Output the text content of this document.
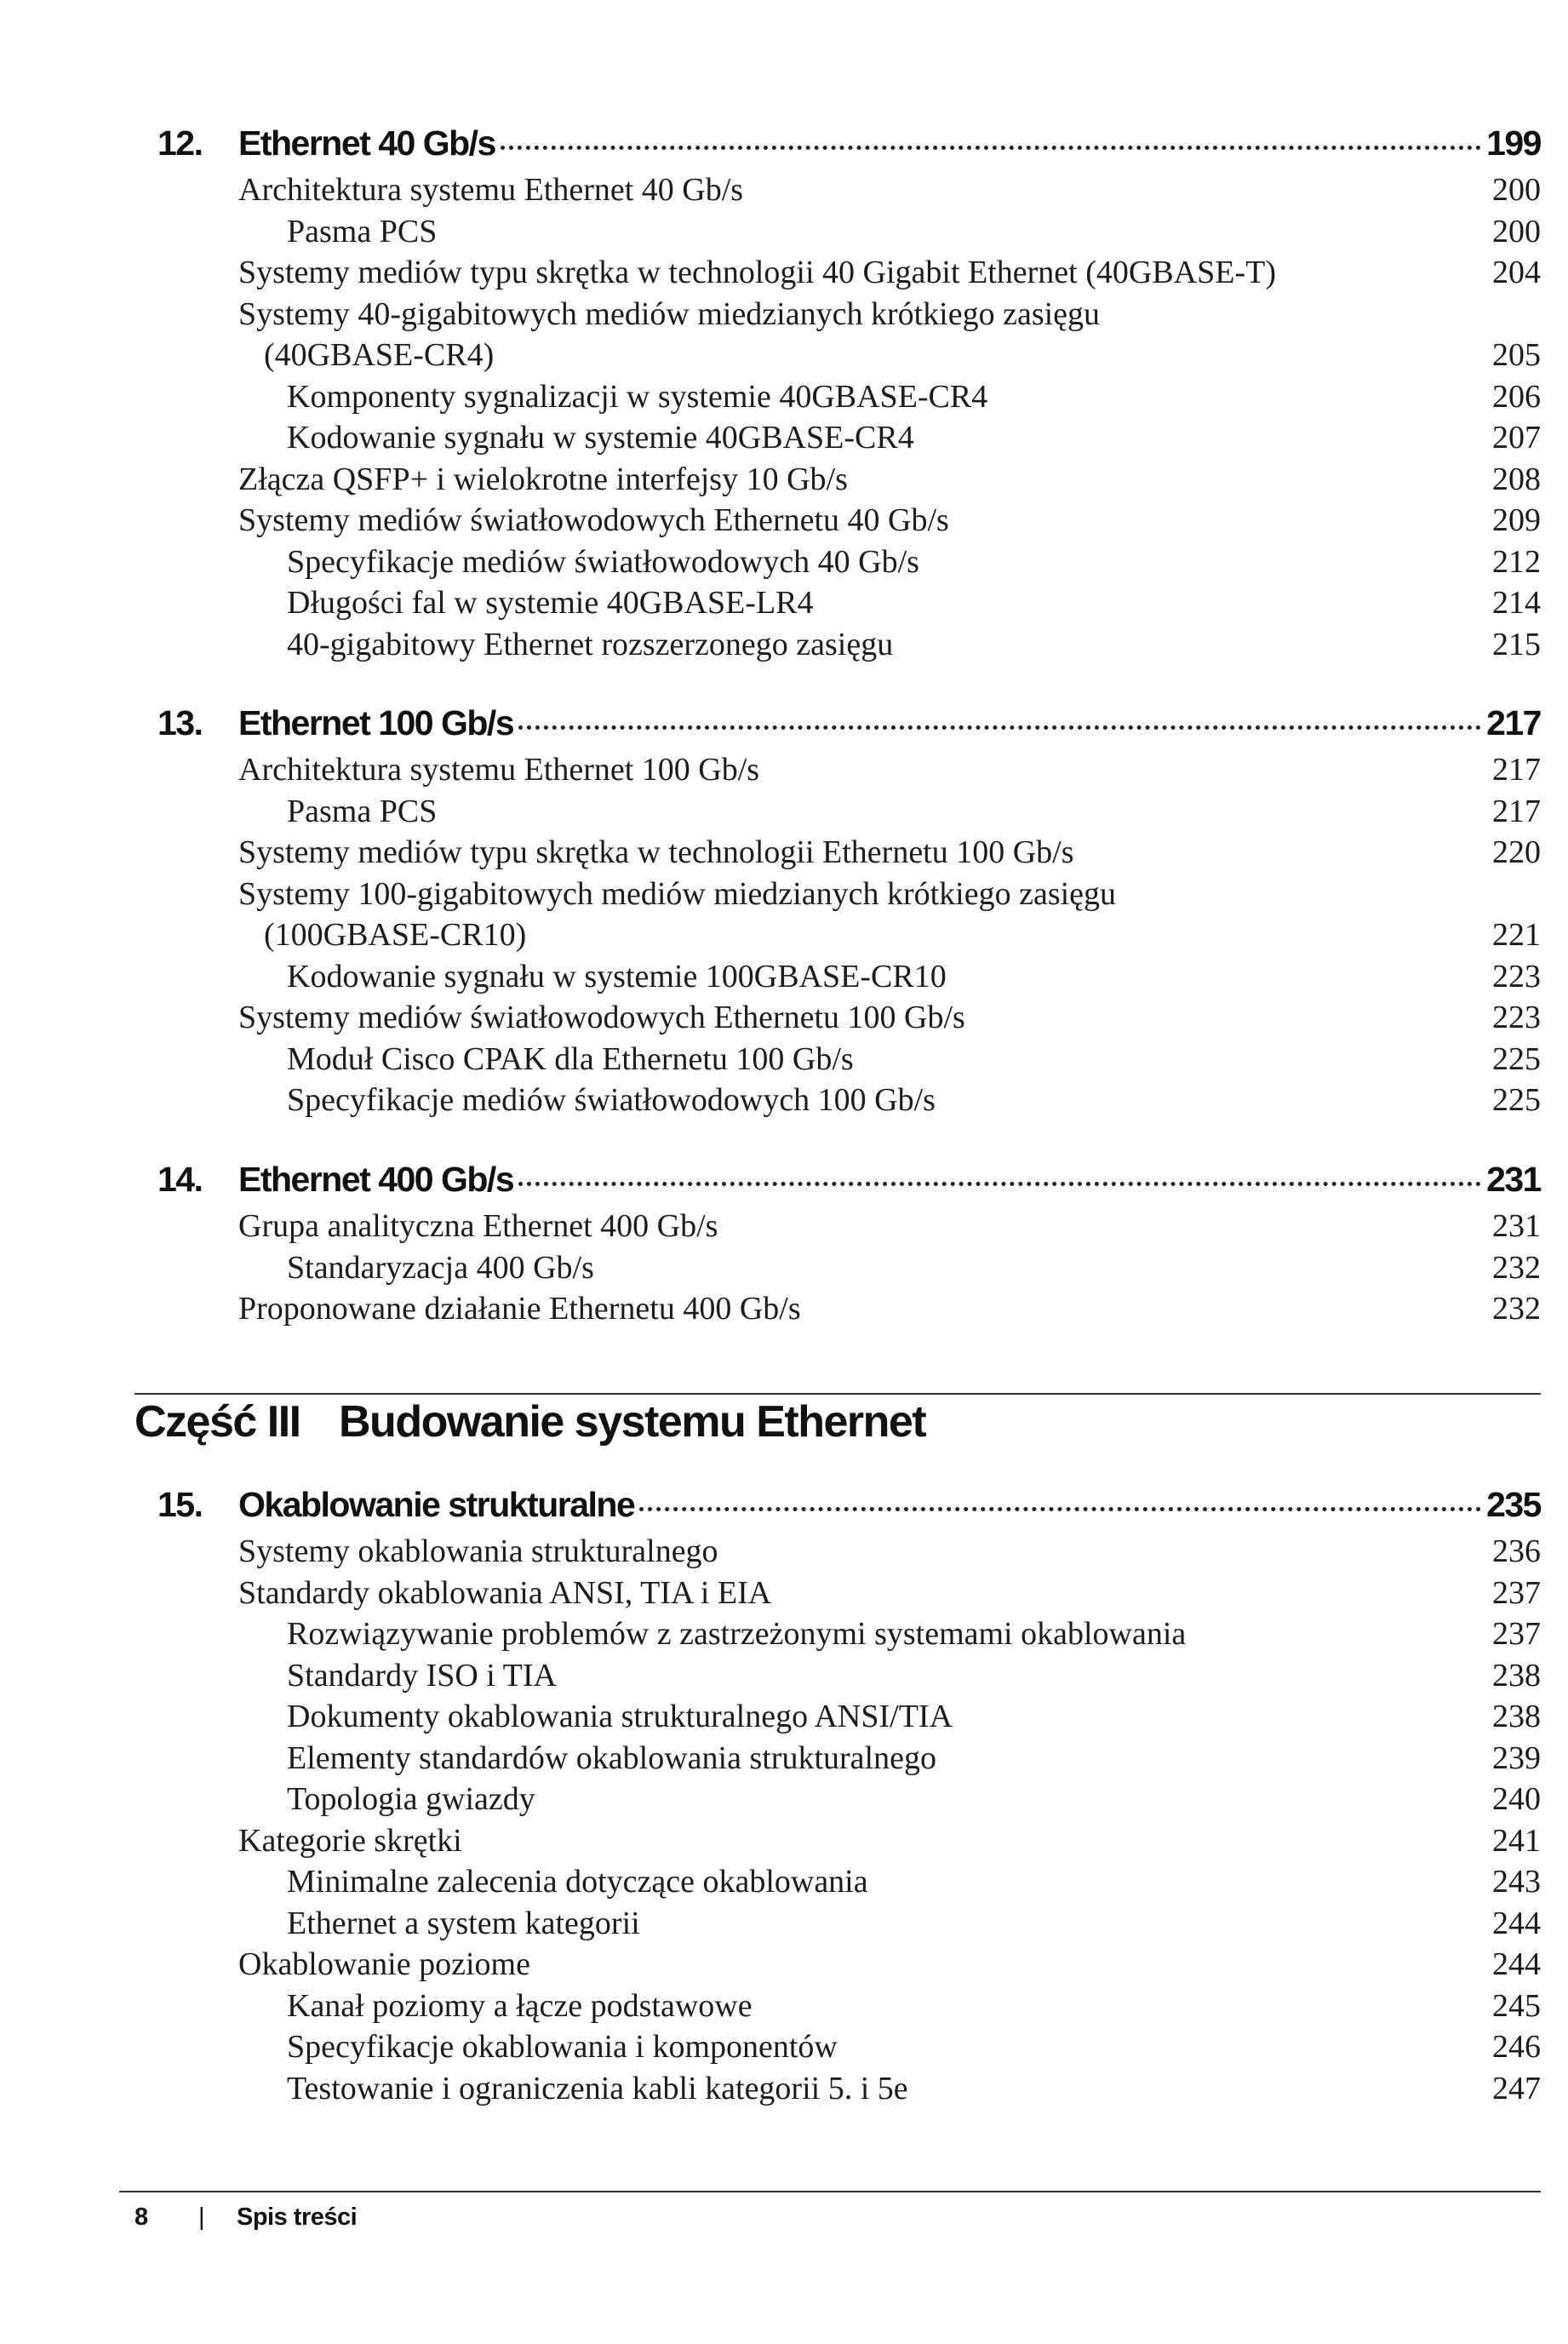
12.	Ethernet 40 Gb/s	199
Architektura systemu Ethernet 40 Gb/s	200
Pasma PCS	200
Systemy mediów typu skrętka w technologii 40 Gigabit Ethernet (40GBASE-T)	204
Systemy 40-gigabitowych mediów miedzianych krótkiego zasięgu
(40GBASE-CR4)	205
Komponenty sygnalizacji w systemie 40GBASE-CR4	206
Kodowanie sygnału w systemie 40GBASE-CR4	207
Złącza QSFP+ i wielokrotne interfejsy 10 Gb/s	208
Systemy mediów światłowodowych Ethernetu 40 Gb/s	209
Specyfikacje mediów światłowodowych 40 Gb/s	212
Długości fal w systemie 40GBASE-LR4	214
40-gigabitowy Ethernet rozszerzonego zasięgu	215
13.	Ethernet 100 Gb/s	217
Architektura systemu Ethernet 100 Gb/s	217
Pasma PCS	217
Systemy mediów typu skrętka w technologii Ethernetu 100 Gb/s	220
Systemy 100-gigabitowych mediów miedzianych krótkiego zasięgu
(100GBASE-CR10)	221
Kodowanie sygnału w systemie 100GBASE-CR10	223
Systemy mediów światłowodowych Ethernetu 100 Gb/s	223
Moduł Cisco CPAK dla Ethernetu 100 Gb/s	225
Specyfikacje mediów światłowodowych 100 Gb/s	225
14.	Ethernet 400 Gb/s	231
Grupa analityczna Ethernet 400 Gb/s	231
Standaryzacja 400 Gb/s	232
Proponowane działanie Ethernetu 400 Gb/s	232
Część III Budowanie systemu Ethernet
15.	Okablowanie strukturalne	235
Systemy okablowania strukturalnego	236
Standardy okablowania ANSI, TIA i EIA	237
Rozwiązywanie problemów z zastrzeżonymi systemami okablowania	237
Standardy ISO i TIA	238
Dokumenty okablowania strukturalnego ANSI/TIA	238
Elementy standardów okablowania strukturalnego	239
Topologia gwiazdy	240
Kategorie skrętki	241
Minimalne zalecenia dotyczące okablowania	243
Ethernet a system kategorii	244
Okablowanie poziome	244
Kanał poziomy a łącze podstawowe	245
Specyfikacje okablowania i komponentów	246
Testowanie i ograniczenia kabli kategorii 5. i 5e	247
8	|	Spis treści
